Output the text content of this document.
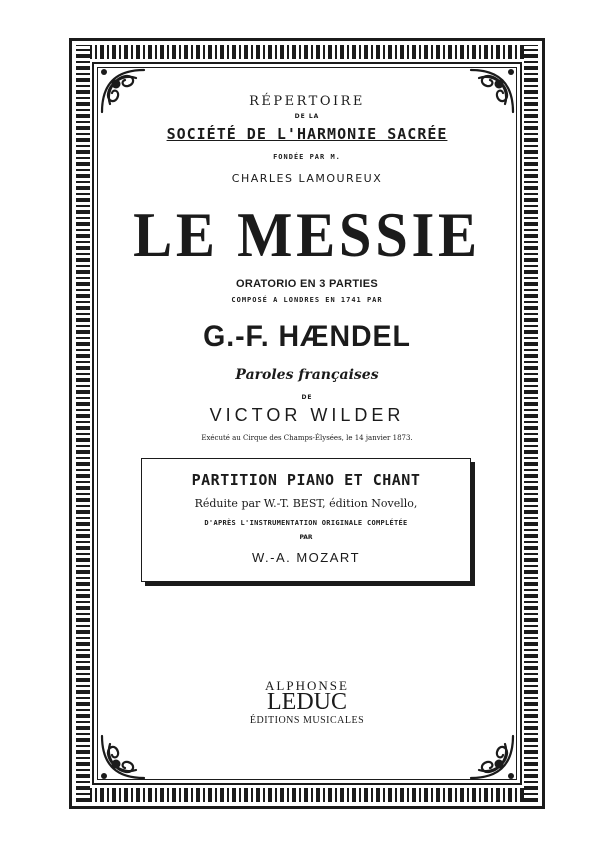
RÉPERTOIRE
DE LA
SOCIÉTÉ DE L'HARMONIE SACRÉE
FONDÉE PAR M.
CHARLES LAMOUREUX
LE MESSIE
ORATORIO EN 3 PARTIES
COMPOSÉ A LONDRES EN 1741 PAR
G.-F. HÆNDEL
Paroles françaises
DE
VICTOR WILDER
Exécuté au Cirque des Champs-Élysées, le 14 janvier 1873.
PARTITION PIANO ET CHANT
Réduite par W.-T. BEST, édition Novello,
D'APRÈS L'INSTRUMENTATION ORIGINALE COMPLÉTÉE
PAR
W.-A. MOZART
ALPHONSE
LEDUC
ÉDITIONS MUSICALES
